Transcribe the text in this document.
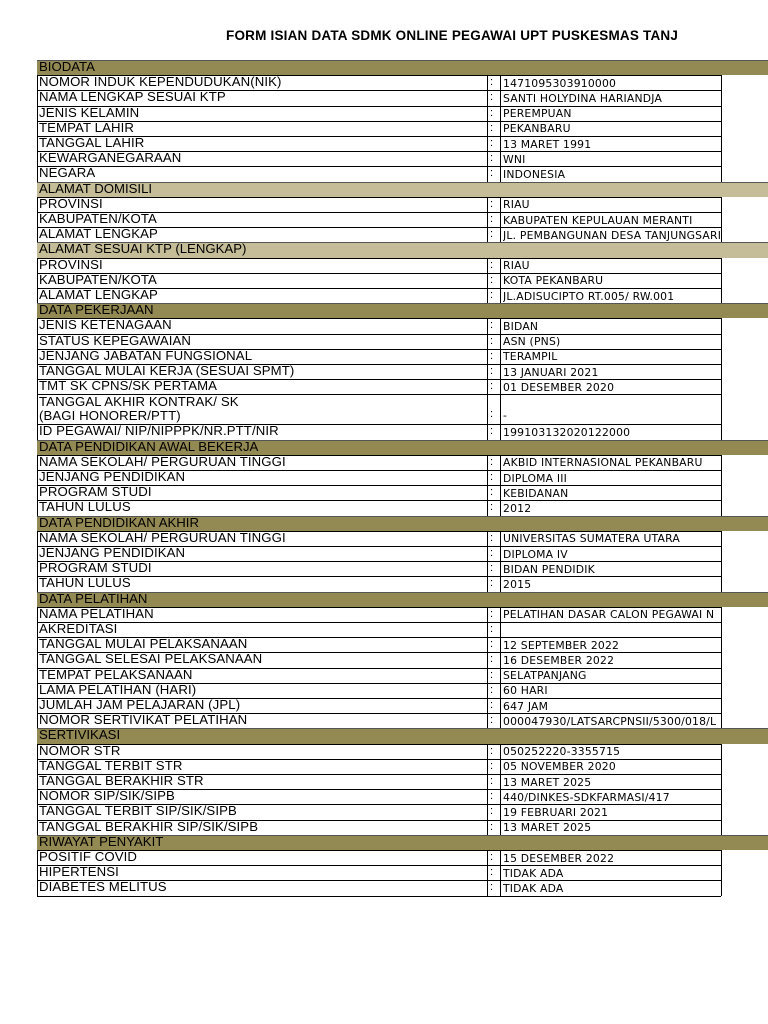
FORM ISIAN DATA SDMK ONLINE PEGAWAI UPT PUSKESMAS TANJ
BIODATA
NOMOR INDUK KEPENDUDUKAN(NIK)	: 1471095303910000
NAMA LENGKAP SESUAI KTP	: SANTI HOLYDINA HARIANDJA
JENIS KELAMIN	: PEREMPUAN
TEMPAT LAHIR	: PEKANBARU
TANGGAL LAHIR	: 13 MARET 1991
KEWARGANEGARAAN	: WNI
NEGARA	: INDONESIA
ALAMAT DOMISILI
PROVINSI	: RIAU
KABUPATEN/KOTA	: KABUPATEN KEPULAUAN MERANTI
ALAMAT LENGKAP	: JL. PEMBANGUNAN DESA TANJUNGSARI
ALAMAT SESUAI KTP (LENGKAP)
PROVINSI	: RIAU
KABUPATEN/KOTA	: KOTA PEKANBARU
ALAMAT LENGKAP	: JL.ADISUCIPTO RT.005/ RW.001
DATA PEKERJAAN
JENIS KETENAGAAN	: BIDAN
STATUS KEPEGAWAIAN	: ASN (PNS)
JENJANG JABATAN FUNGSIONAL	: TERAMPIL
TANGGAL MULAI KERJA (SESUAI SPMT)	: 13 JANUARI 2021
TMT SK CPNS/SK PERTAMA	: 01 DESEMBER 2020
TANGGAL AKHIR KONTRAK/ SK
(BAGI HONORER/PTT)	: -
ID PEGAWAI/ NIP/NIPPPK/NR.PTT/NIR	: 199103132020122000
DATA PENDIDIKAN AWAL BEKERJA
NAMA SEKOLAH/ PERGURUAN TINGGI	: AKBID INTERNASIONAL PEKANBARU
JENJANG PENDIDIKAN	: DIPLOMA III
PROGRAM STUDI	: KEBIDANAN
TAHUN LULUS	: 2012
DATA PENDIDIKAN AKHIR
NAMA SEKOLAH/ PERGURUAN TINGGI	: UNIVERSITAS SUMATERA UTARA
JENJANG PENDIDIKAN	: DIPLOMA IV
PROGRAM STUDI	: BIDAN PENDIDIK
TAHUN LULUS	: 2015
DATA PELATIHAN
NAMA PELATIHAN	: PELATIHAN DASAR CALON PEGAWAI N
AKREDITASI	:
TANGGAL MULAI PELAKSANAAN	: 12 SEPTEMBER 2022
TANGGAL SELESAI PELAKSANAAN	: 16 DESEMBER 2022
TEMPAT PELAKSANAAN	: SELATPANJANG
LAMA PELATIHAN (HARI)	: 60 HARI
JUMLAH JAM PELAJARAN (JPL)	: 647 JAM
NOMOR SERTIVIKAT PELATIHAN	: 000047930/LATSARCPNSII/5300/018/L
SERTIVIKASI
NOMOR STR	: 050252220-3355715
TANGGAL TERBIT STR	: 05 NOVEMBER 2020
TANGGAL BERAKHIR STR	: 13 MARET 2025
NOMOR SIP/SIK/SIPB	: 440/DINKES-SDKFARMASI/417
TANGGAL TERBIT SIP/SIK/SIPB	: 19 FEBRUARI 2021
TANGGAL BERAKHIR SIP/SIK/SIPB	: 13 MARET 2025
RIWAYAT PENYAKIT
POSITIF COVID	: 15 DESEMBER 2022
HIPERTENSI	: TIDAK ADA
DIABETES MELITUS	: TIDAK ADA
